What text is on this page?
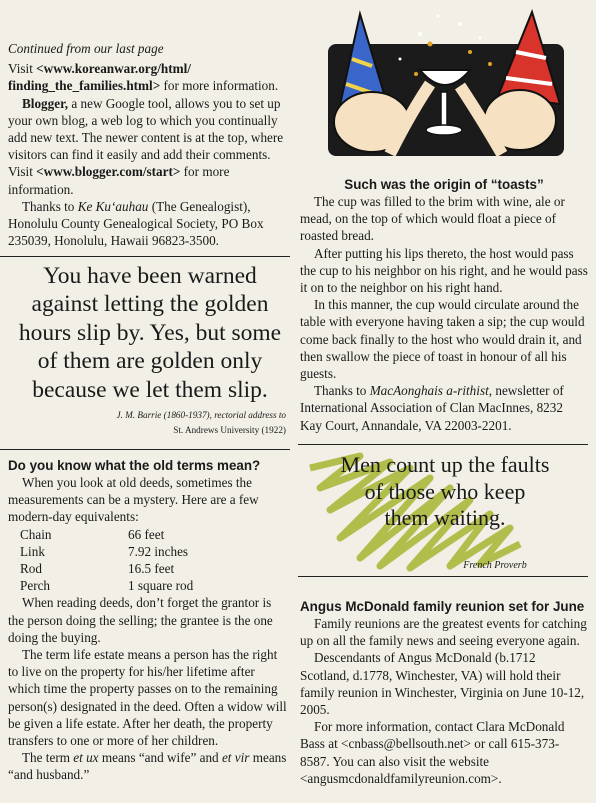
Continued from our last page

Visit <www.koreanwar.org/html/ finding_the_families.html> for more information.

Blogger, a new Google tool, allows you to set up your own blog, a web log to which you continually add new text. The newer content is at the top, where visitors can find it easily and add their comments. Visit <www.blogger.com/start> for more information.

Thanks to Ke Ku‘auhau (The Genealogist), Honolulu County Genealogical Society, PO Box 235039, Honolulu, Hawaii 96823-3500.

You have been warned against letting the golden hours slip by. Yes, but some of them are golden only because we let them slip.

J. M. Barrie (1860-1937), rectorial address to

St. Andrews University (1922)

Do you know what the old terms mean?

When you look at old deeds, sometimes the measurements can be a mystery. Here are a few modern-day equivalents:

Chain	66 feet
Link	7.92 inches
Rod	16.5 feet
Perch	1 square rod

When reading deeds, don’t forget the grantor is the person doing the selling; the grantee is the one doing the buying.

The term life estate means a person has the right to live on the property for his/her lifetime after which time the property passes on to the remaining person(s) designated in the deed. Often a widow will be given a life estate. After her death, the property transfers to one or more of her children.

The term et ux means “and wife” and et vir means “and husband.”

Such was the origin of “toasts”

The cup was filled to the brim with wine, ale or mead, on the top of which would float a piece of roasted bread.

After putting his lips thereto, the host would pass the cup to his neighbor on his right, and he would pass it on to the neighbor on his right hand.

In this manner, the cup would circulate around the table with everyone having taken a sip; the cup would come back finally to the host who would drain it, and then swallow the piece of toast in honour of all his guests.

Thanks to MacAonghais a-rithist, newsletter of International Association of Clan MacInnes, 8232 Kay Court, Annandale, VA 22003-2201.

Men count up the faults of those who keep them waiting.

French Proverb

Angus McDonald family reunion set for June

Family reunions are the greatest events for catching up on all the family news and seeing everyone again.

Descendants of Angus McDonald (b.1712 Scotland, d.1778, Winchester, VA) will hold their family reunion in Winchester, Virginia on June 10-12, 2005.

For more information, contact Clara McDonald Bass at <cnbass@bellsouth.net> or call 615-373-8587. You can also visit the website <angusmcdonaldfamilyreunion.com>.
